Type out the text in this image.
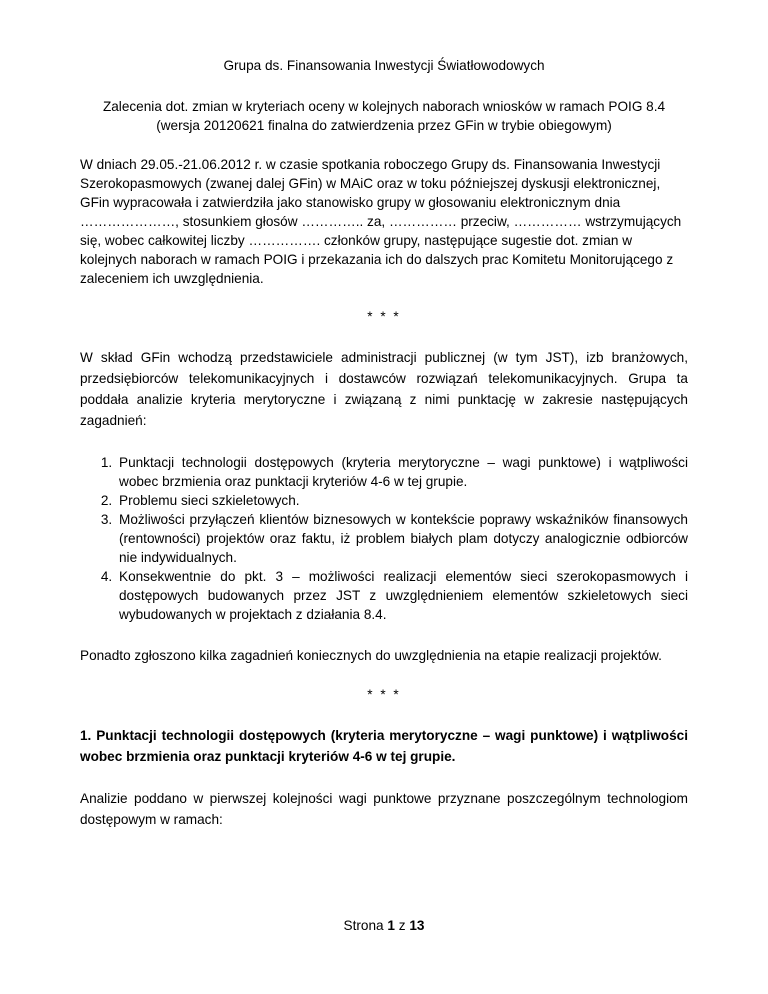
Grupa ds. Finansowania Inwestycji Światłowodowych

Zalecenia dot. zmian w kryteriach oceny w kolejnych naborach wniosków w ramach POIG 8.4

(wersja 20120621 finalna do zatwierdzenia przez GFin w trybie obiegowym)

W dniach 29.05.-21.06.2012 r. w czasie spotkania roboczego Grupy ds. Finansowania Inwestycji Szerokopasmowych (zwanej dalej GFin) w MAiC oraz w toku późniejszej dyskusji elektronicznej, GFin wypracowała i zatwierdziła jako stanowisko grupy w głosowaniu elektronicznym dnia …………………, stosunkiem głosów ………….. za, …………… przeciw, …………… wstrzymujących się, wobec całkowitej liczby ……………. członków grupy, następujące sugestie dot. zmian w kolejnych naborach w ramach POIG i przekazania ich do dalszych prac Komitetu Monitorującego z zaleceniem ich uwzględnienia.

* * *

W skład GFin wchodzą przedstawiciele administracji publicznej (w tym JST), izb branżowych, przedsiębiorców telekomunikacyjnych i dostawców rozwiązań telekomunikacyjnych. Grupa ta poddała analizie kryteria merytoryczne i związaną z nimi punktację w zakresie następujących zagadnień:

1. Punktacji technologii dostępowych (kryteria merytoryczne – wagi punktowe) i wątpliwości wobec brzmienia oraz punktacji kryteriów 4-6 w tej grupie.
2. Problemu sieci szkieletowych.
3. Możliwości przyłączeń klientów biznesowych w kontekście poprawy wskaźników finansowych (rentowności) projektów oraz faktu, iż problem białych plam dotyczy analogicznie odbiorców nie indywidualnych.
4. Konsekwentnie do pkt. 3 – możliwości realizacji elementów sieci szerokopasmowych i dostępowych budowanych przez JST z uwzględnieniem elementów szkieletowych sieci wybudowanych w projektach z działania 8.4.

Ponadto zgłoszono kilka zagadnień koniecznych do uwzględnienia na etapie realizacji projektów.

* * *

1. Punktacji technologii dostępowych (kryteria merytoryczne – wagi punktowe) i wątpliwości wobec brzmienia oraz punktacji kryteriów 4-6 w tej grupie.

Analizie poddano w pierwszej kolejności wagi punktowe przyznane poszczególnym technologiom dostępowym w ramach:

Strona 1 z 13
